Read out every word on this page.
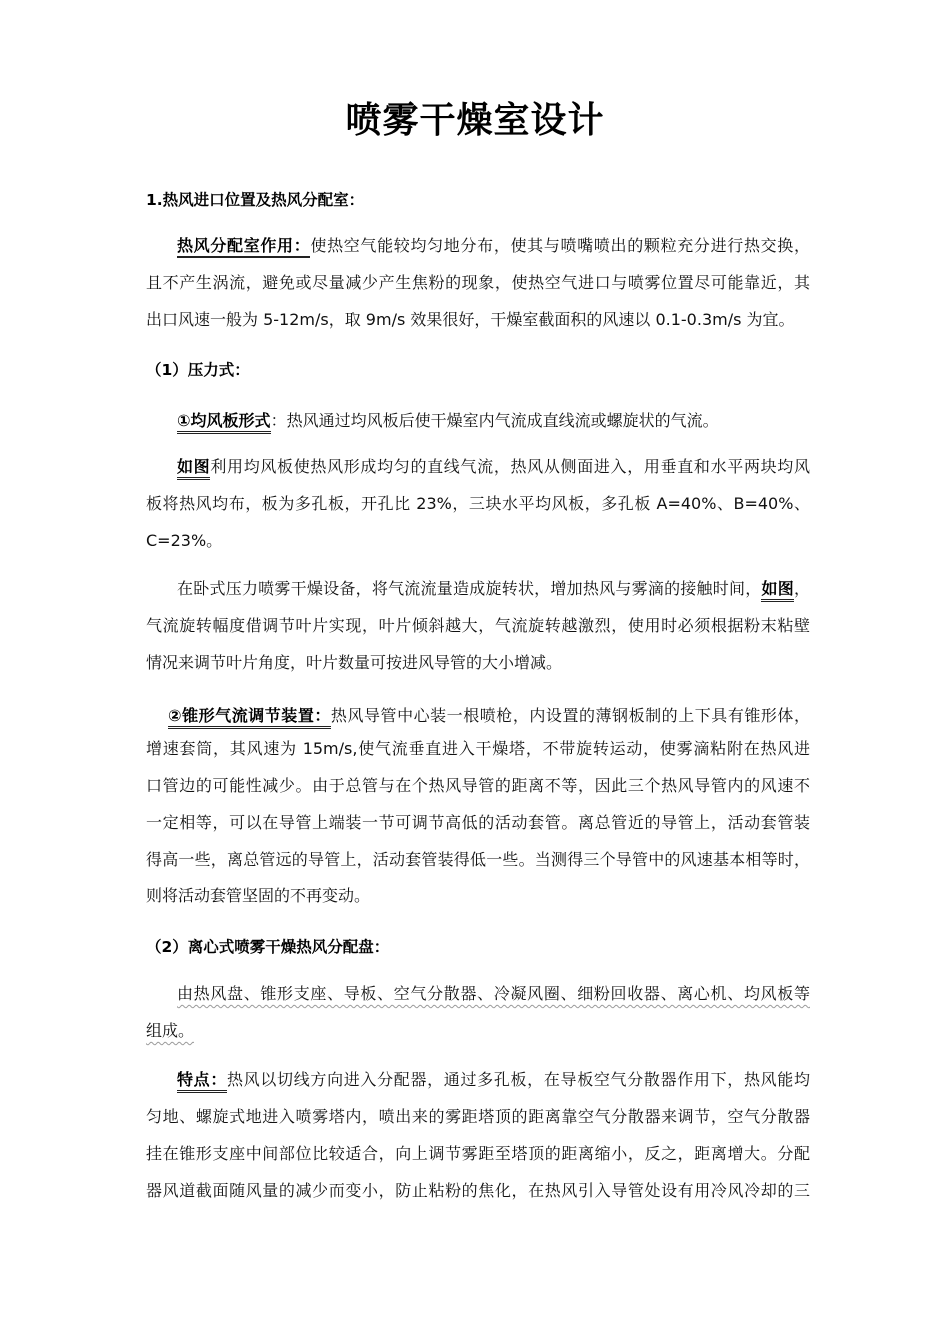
喷雾干燥室设计
1.热风进口位置及热风分配室：
热风分配室作用：使热空气能较均匀地分布，使其与喷嘴喷出的颗粒充分进行热交换，
且不产生涡流，避免或尽量减少产生焦粉的现象，使热空气进口与喷雾位置尽可能靠近，其
出口风速一般为 5-12m/s，取 9m/s 效果很好，干燥室截面积的风速以 0.1-0.3m/s 为宜。
（1）压力式：
①均风板形式：热风通过均风板后使干燥室内气流成直线流或螺旋状的气流。
如图利用均风板使热风形成均匀的直线气流，热风从侧面进入，用垂直和水平两块均风
板将热风均布，板为多孔板，开孔比 23%，三块水平均风板，多孔板 A=40%、B=40%、
C=23%。
在卧式压力喷雾干燥设备，将气流流量造成旋转状，增加热风与雾滴的接触时间，如图，
气流旋转幅度借调节叶片实现，叶片倾斜越大，气流旋转越激烈，使用时必须根据粉末粘壁
情况来调节叶片角度，叶片数量可按进风导管的大小增减。
②锥形气流调节装置：热风导管中心装一根喷枪，内设置的薄钢板制的上下具有锥形体，
增速套筒，其风速为 15m/s,使气流垂直进入干燥塔，不带旋转运动，使雾滴粘附在热风进
口管边的可能性减少。由于总管与在个热风导管的距离不等，因此三个热风导管内的风速不
一定相等，可以在导管上端装一节可调节高低的活动套管。离总管近的导管上，活动套管装
得高一些，离总管远的导管上，活动套管装得低一些。当测得三个导管中的风速基本相等时，
则将活动套管坚固的不再变动。
（2）离心式喷雾干燥热风分配盘：
由热风盘、锥形支座、导板、空气分散器、冷凝风圈、细粉回收器、离心机、均风板等
组成。
特点：热风以切线方向进入分配器，通过多孔板，在导板空气分散器作用下，热风能均
匀地、螺旋式地进入喷雾塔内，喷出来的雾距塔顶的距离靠空气分散器来调节，空气分散器
挂在锥形支座中间部位比较适合，向上调节雾距至塔顶的距离缩小，反之，距离增大。分配
器风道截面随风量的减少而变小，防止粘粉的焦化，在热风引入导管处设有用冷风冷却的三
